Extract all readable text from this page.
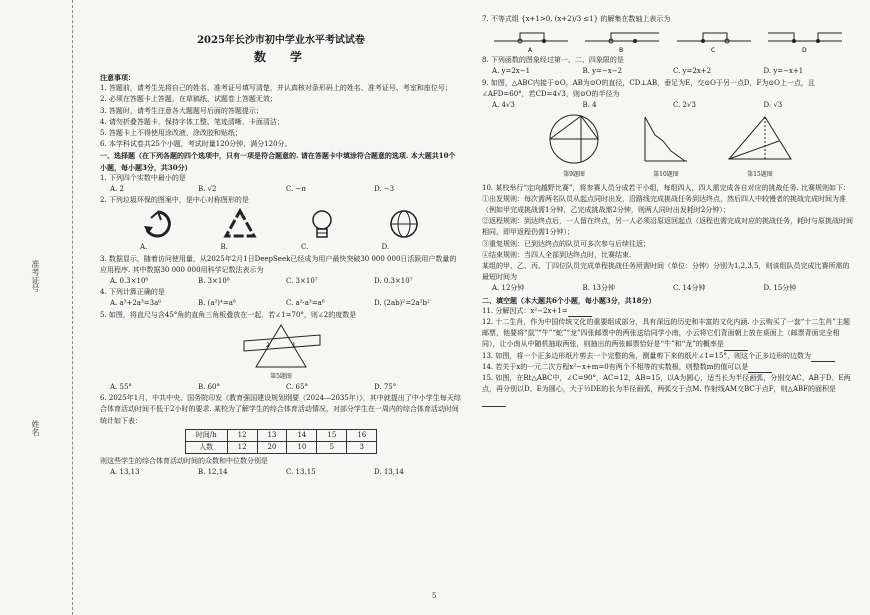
准考证号
姓名
2025年长沙市初中学业水平考试试卷
数　学
注意事项：
1. 答题前，请考生先将自己的姓名、准考证号填写清楚，并认真核对条形码上的姓名、准考证号、考室和座位号；
2. 必须在答题卡上答题，在草稿纸、试题卷上答题无效；
3. 答题时，请考生注意各大题题号后面的答题提示；
4. 请勿折叠答题卡，保持字体工整、笔迹清晰、卡面清洁；
5. 答题卡上不得使用涂改液、涂改胶和贴纸；
6. 本学科试卷共25个小题，考试时量120分钟，满分120分。
一、选择题（在下列各题的四个选项中，只有一项是符合题意的. 请在答题卡中填涂符合题意的选项. 本大题共10个小题，每小题3分，共30分）
1. 下列四个实数中最小的是
A. 2	B. √2	C. −π	D. −3
2. 下列垃圾环保的图案中，是中心对称图形的是
A.	B.	C.	D.
3. 数据显示，随着访问使用量，从2025年2月1日DeepSeek已经成为用户最快突破30 000 000日活跃用户数量的应用程序. 其中数据30 000 000用科学记数法表示为
A. 0.3×10⁸	B. 3×10⁸	C. 3×10⁷	D. 0.3×10⁷
4. 下列计算正确的是
A. a³+2a³=3a⁶	B. (a²)⁴=a⁸	C. a²·a³=a⁶	D. (2ab)²=2a²b²
5. 如图，将直尺与含45°角的直角三角板叠放在一起，若∠1=70°，则∠2的度数是
2	1
第5题图
A. 55°	B. 60°	C. 65°	D. 75°
6. 2025年1月，中共中央、国务院印发《教育强国建设规划纲要（2024—2035年）》，其中就提出了中小学生每天综合体育活动时间不低于2小时的要求. 某校为了解学生的综合体育活动情况，对部分学生在一周内的综合体育活动时间统计如下表：
时间/h	12	13	14	15	16
人数	12	20	10	5	3
则这些学生的综合体育活动时间的众数和中位数分别是
A. 13,13	B. 12,14	C. 13,15	D. 13,14
7. 不等式组 {x+1>0, (x+2)/3 ≤1} 的解集在数轴上表示为
A	B	C	D
8. 下列函数的图象经过第一、二、四象限的是
A. y=2x−1	B. y=−x−2	C. y=2x+2	D. y=−x+1
9. 如图，△ABC内接于⊙O，AB为⊙O的直径，CD⊥AB，垂足为E，交⊙O于另一点D，F为⊙O上一点，且∠AFD=60°，若CD=4√3，则⊙O的半径为
A. 4√3	B. 4	C. 2√3	D. √3
第9题图	第10题图	第15题图
10. 某校举行“定向越野比赛”，将参赛人员分成若干小组，每组四人，四人需完成各自对应的挑战任务. 比赛规则如下：
①出发规则：每次需两名队员从起点同时出发，沿路线完成挑战任务到达终点，然后四人中较慢者的挑战完成时间为准（例如甲完成挑战需1分钟，乙完成挑战需2分钟，则两人同时出发耗时2分钟）；
②返程规则：到达终点后，一人留在终点，另一人必须沿原返回起点（返程也需完成对应的挑战任务，耗时与原挑战时间相同，即甲返程仍需1分钟）；
③重复规则：已到达终点的队员可多次参与后续往返；
④结束规则：当四人全部到达终点时，比赛结束.
某组的甲、乙、丙、丁四位队员完成单程挑战任务所需时间（单位：分钟）分别为1,2,3,5，则该组队员完成比赛所需的最短时间为
A. 12分钟	B. 13分钟	C. 14分钟	D. 15分钟
二、填空题（本大题共6个小题，每小题3分，共18分）
11. 分解因式：x²−2x+1=
12. 十二生肖，作为中国传统文化的重要组成部分，具有深远的历史和丰富的文化内涵. 小云购买了一套“十二生肖”主题邮票，他要将“鼠”“牛”“蛇”“龙”四张邮票中的两张送给同学小南，小云将它们背面朝上放在桌面上（邮票背面完全相同），让小南从中随机抽取两张，则抽出的两张邮票恰好是“牛”和“龙”的概率是
13. 如图，将一个正多边形纸片剪去一个完整的角，测量剪下来的纸片∠1=15°，则这个正多边形的边数为
14. 若关于x的一元二次方程x²−x+m=0有两个不相等的实数根，则整数m的值可以是
15. 如图，在Rt△ABC中，∠C=90°，AC=12，AB=15，以A为圆心，适当长为半径画弧，分别交AC、AB于D、E两点，再分别以D、E为圆心，大于½DE的长为半径画弧，两弧交于点M. 作射线AM交BC于点F，则△ABF的面积是
5
